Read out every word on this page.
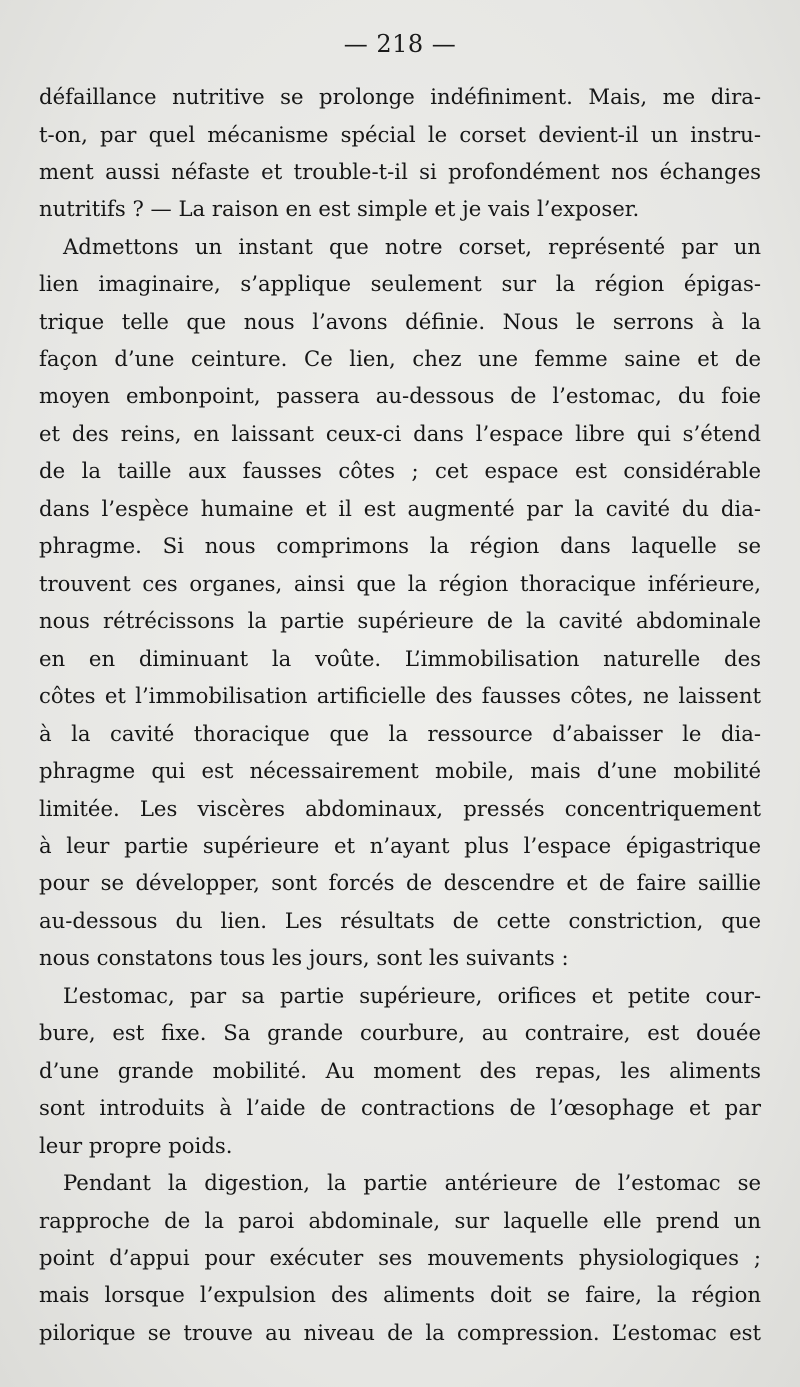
— 218 —
défaillance nutritive se prolonge indéfiniment. Mais, me dira-
t-on, par quel mécanisme spécial le corset devient-il un instru-
ment aussi néfaste et trouble-t-il si profondément nos échanges
nutritifs ? — La raison en est simple et je vais l’exposer.
Admettons un instant que notre corset, représenté par un
lien imaginaire, s’applique seulement sur la région épigas-
trique telle que nous l’avons définie. Nous le serrons à la
façon d’une ceinture. Ce lien, chez une femme saine et de
moyen embonpoint, passera au-dessous de l’estomac, du foie
et des reins, en laissant ceux-ci dans l’espace libre qui s’étend
de la taille aux fausses côtes ; cet espace est considérable
dans l’espèce humaine et il est augmenté par la cavité du dia-
phragme. Si nous comprimons la région dans laquelle se
trouvent ces organes, ainsi que la région thoracique inférieure,
nous rétrécissons la partie supérieure de la cavité abdominale
en en diminuant la voûte. L’immobilisation naturelle des
côtes et l’immobilisation artificielle des fausses côtes, ne laissent
à la cavité thoracique que la ressource d’abaisser le dia-
phragme qui est nécessairement mobile, mais d’une mobilité
limitée. Les viscères abdominaux, pressés concentriquement
à leur partie supérieure et n’ayant plus l’espace épigastrique
pour se développer, sont forcés de descendre et de faire saillie
au-dessous du lien. Les résultats de cette constriction, que
nous constatons tous les jours, sont les suivants :
L’estomac, par sa partie supérieure, orifices et petite cour-
bure, est fixe. Sa grande courbure, au contraire, est douée
d’une grande mobilité. Au moment des repas, les aliments
sont introduits à l’aide de contractions de l’œsophage et par
leur propre poids.
Pendant la digestion, la partie antérieure de l’estomac se
rapproche de la paroi abdominale, sur laquelle elle prend un
point d’appui pour exécuter ses mouvements physiologiques ;
mais lorsque l’expulsion des aliments doit se faire, la région
pilorique se trouve au niveau de la compression. L’estomac est
